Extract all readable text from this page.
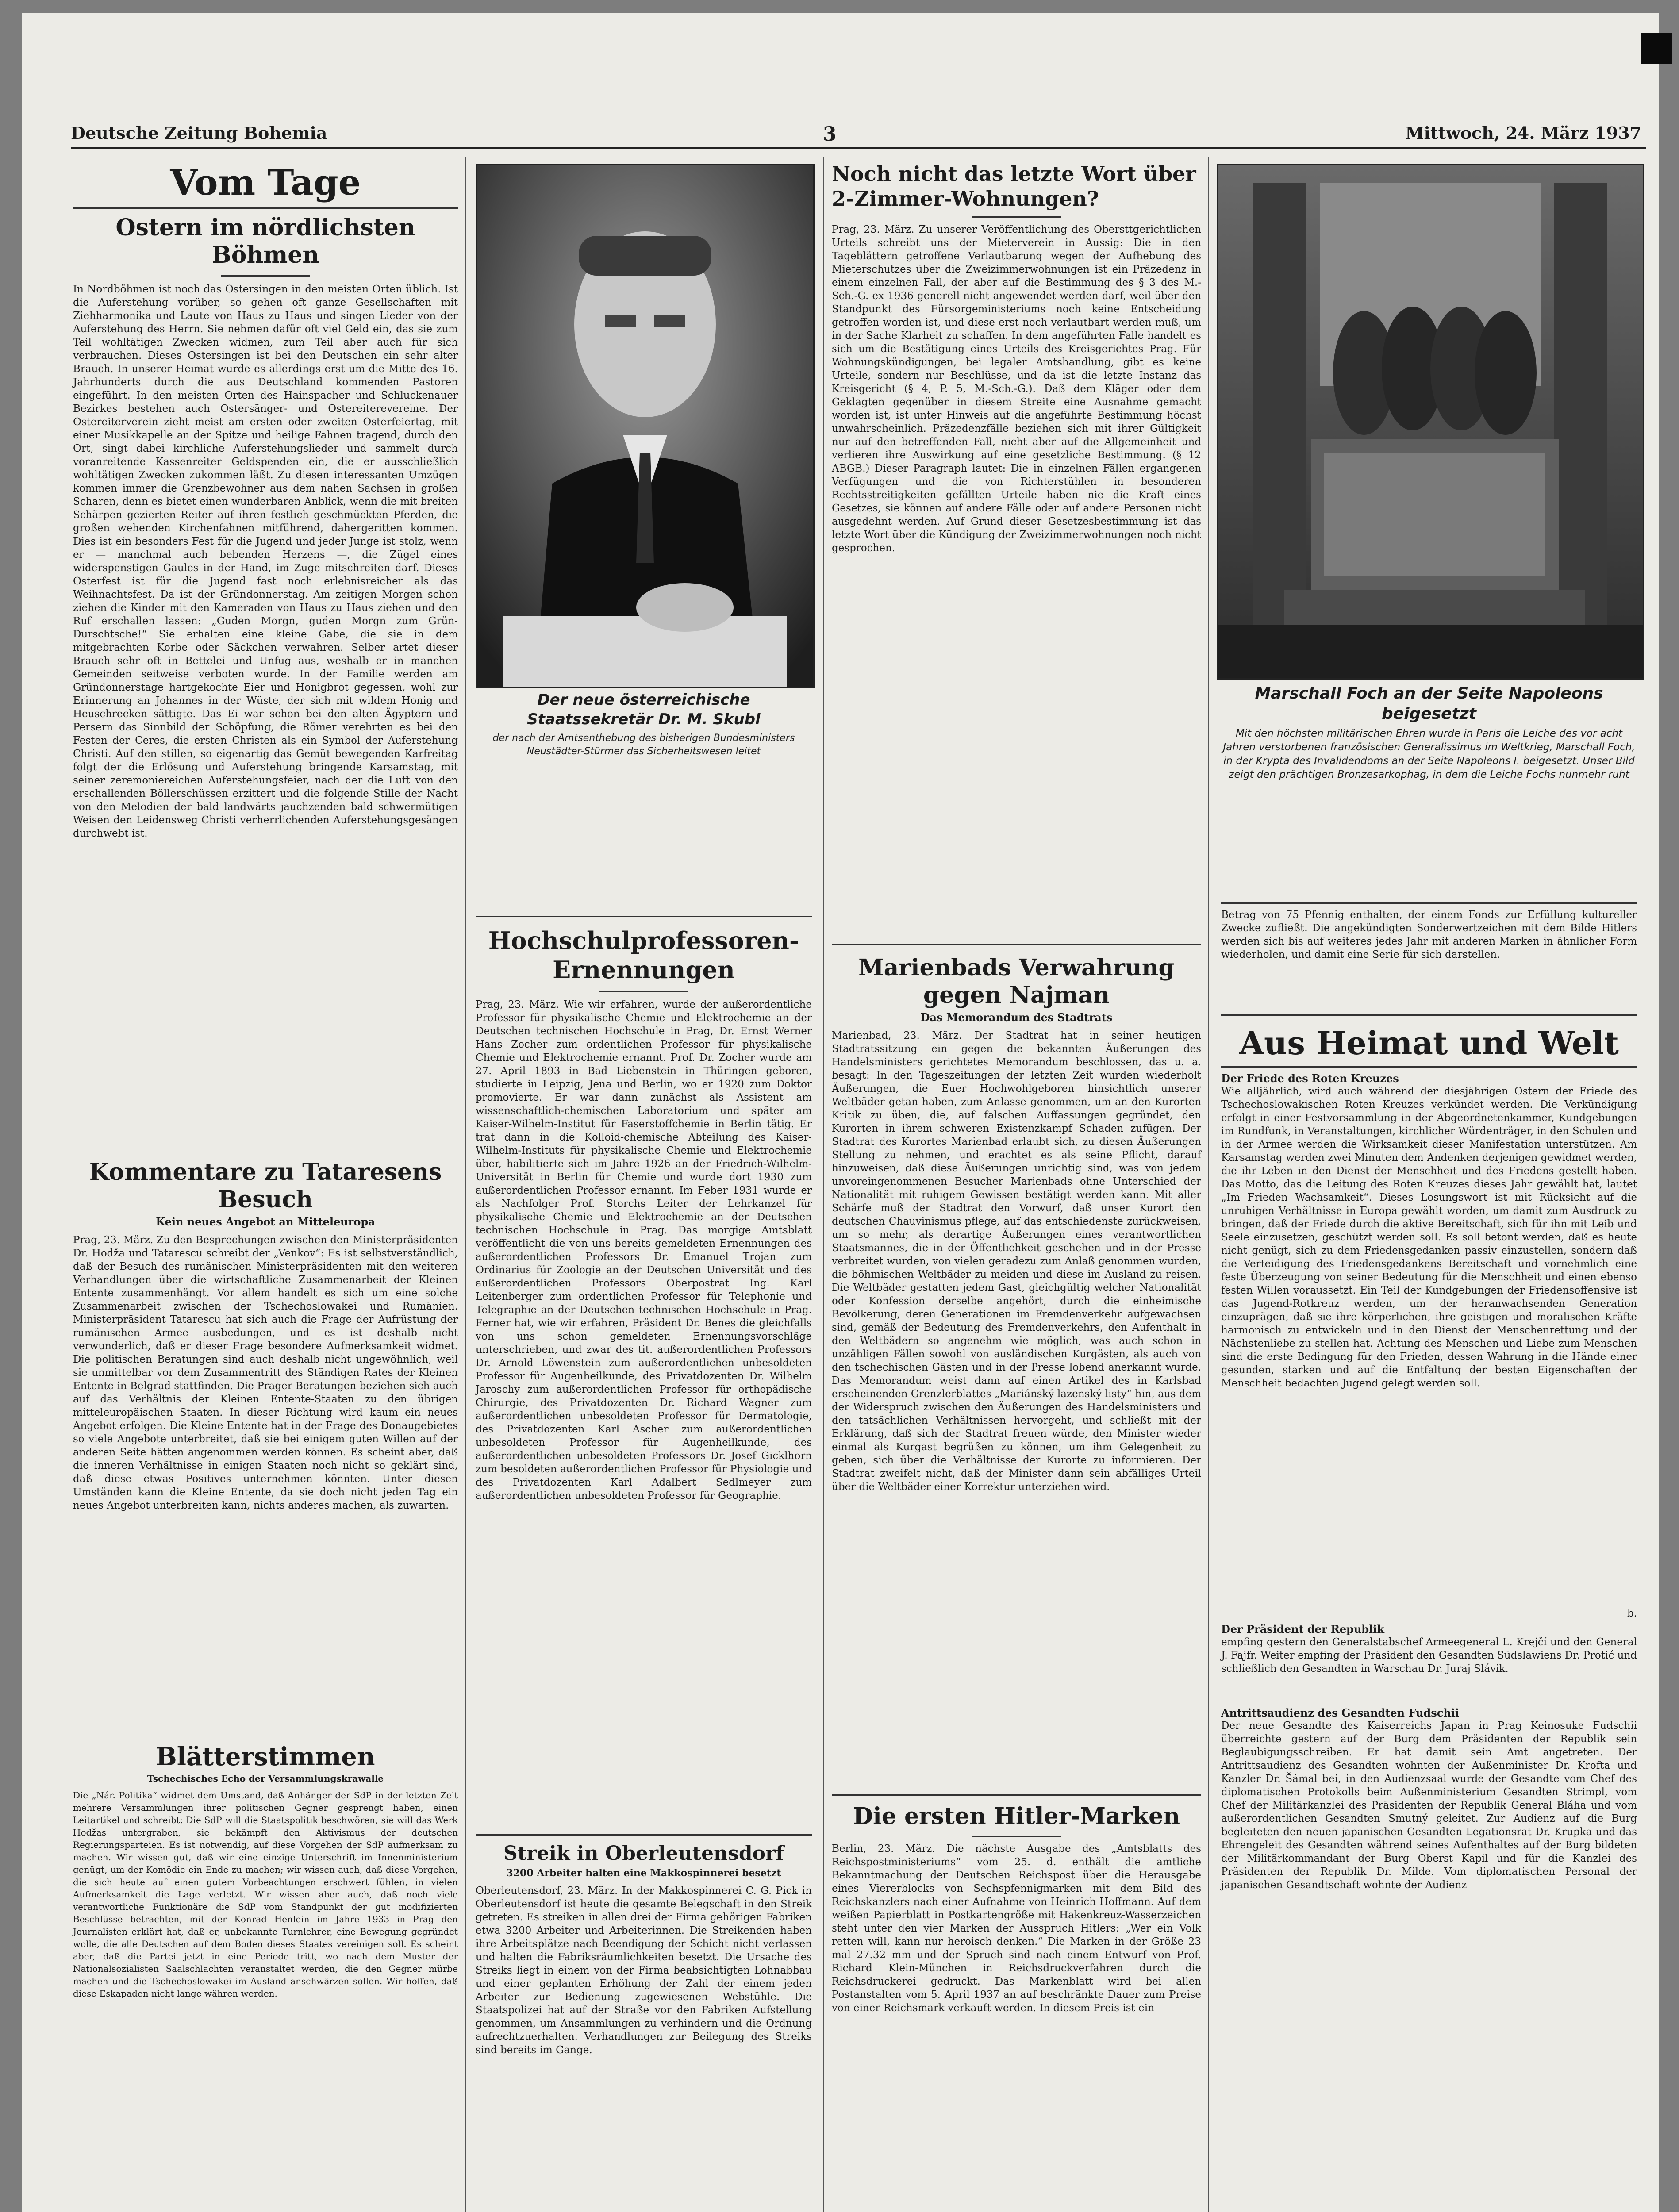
Deutsche Zeitung Bohemia	3	Mittwoch, 24. März 1937
Vom Tage
Ostern im nördlichsten Böhmen

In Nordböhmen ist noch das Ostersingen in den meisten Orten üblich. Ist die Auferstehung vorüber, so gehen oft ganze Gesellschaften mit Ziehharmonika und Laute von Haus zu Haus und singen Lieder von der Auferstehung des Herrn. Sie nehmen dafür oft viel Geld ein, das sie zum Teil wohltätigen Zwecken widmen, zum Teil aber auch für sich verbrauchen. Dieses Ostersingen ist bei den Deutschen ein sehr alter Brauch. In unserer Heimat wurde es allerdings erst um die Mitte des 16. Jahrhunderts durch die aus Deutschland kommenden Pastoren eingeführt. In den meisten Orten des Hainspacher und Schluckenauer Bezirkes bestehen auch Ostersänger- und Ostereiterevereine. Der Ostereiterverein zieht meist am ersten oder zweiten Osterfeiertag, mit einer Musikkapelle an der Spitze und heilige Fahnen tragend, durch den Ort, singt dabei kirchliche Auferstehungslieder und sammelt durch voranreitende Kassenreiter Geldspenden ein, die er ausschließlich wohltätigen Zwecken zukommen läßt. Zu diesen interessanten Umzügen kommen immer die Grenzbewohner aus dem nahen Sachsen in großen Scharen, denn es bietet einen wunderbaren Anblick, wenn die mit breiten Schärpen gezierten Reiter auf ihren festlich geschmückten Pferden, die großen wehenden Kirchenfahnen mitführend, dahergeritten kommen. Dies ist ein besonders Fest für die Jugend und jeder Junge ist stolz, wenn er — manchmal auch bebenden Herzens —, die Zügel eines widerspenstigen Gaules in der Hand, im Zuge mitschreiten darf. Dieses Osterfest ist für die Jugend fast noch erlebnisreicher als das Weihnachtsfest. Da ist der Gründonnerstag. Am zeitigen Morgen schon ziehen die Kinder mit den Kameraden von Haus zu Haus ziehen und den Ruf erschallen lassen: „Guden Morgn, guden Morgn zum Grün-Durschtsche!“ Sie erhalten eine kleine Gabe, die sie in dem mitgebrachten Korbe oder Säckchen verwahren. Selber artet dieser Brauch sehr oft in Bettelei und Unfug aus, weshalb er in manchen Gemeinden seitweise verboten wurde. In der Familie werden am Gründonnerstage hartgekochte Eier und Honigbrot gegessen, wohl zur Erinnerung an Johannes in der Wüste, der sich mit wildem Honig und Heuschrecken sättigte. Das Ei war schon bei den alten Ägyptern und Persern das Sinnbild der Schöpfung, die Römer verehrten es bei den Festen der Ceres, die ersten Christen als ein Symbol der Auferstehung Christi. Auf den stillen, so eigenartig das Gemüt bewegenden Karfreitag folgt der die Erlösung und Auferstehung bringende Karsamstag, mit seiner zeremoniereichen Auferstehungsfeier, nach der die Luft von den erschallenden Böllerschüssen erzittert und die folgende Stille der Nacht von den Melodien der bald landwärts jauchzenden bald schwermütigen Weisen den Leidensweg Christi verherrlichenden Auferstehungsgesängen durchwebt ist.

Kommentare zu Tataresens Besuch
Kein neues Angebot an Mitteleuropa

Prag, 23. März. Zu den Besprechungen zwischen den Ministerpräsidenten Dr. Hodža und Tatarescu schreibt der „Venkov“: Es ist selbstverständlich, daß der Besuch des rumänischen Ministerpräsidenten mit den weiteren Verhandlungen über die wirtschaftliche Zusammenarbeit der Kleinen Entente zusammenhängt. Vor allem handelt es sich um eine solche Zusammenarbeit zwischen der Tschechoslowakei und Rumänien. Ministerpräsident Tatarescu hat sich auch die Frage der Aufrüstung der rumänischen Armee ausbedungen, und es ist deshalb nicht verwunderlich, daß er dieser Frage besondere Aufmerksamkeit widmet. Die politischen Beratungen sind auch deshalb nicht ungewöhnlich, weil sie unmittelbar vor dem Zusammentritt des Ständigen Rates der Kleinen Entente in Belgrad stattfinden. Die Prager Beratungen beziehen sich auch auf das Verhältnis der Kleinen Entente-Staaten zu den übrigen mitteleuropäischen Staaten. In dieser Richtung wird kaum ein neues Angebot erfolgen. Die Kleine Entente hat in der Frage des Donaugebietes so viele Angebote unterbreitet, daß sie bei einigem guten Willen auf der anderen Seite hätten angenommen werden können. Es scheint aber, daß die inneren Verhältnisse in einigen Staaten noch nicht so geklärt sind, daß diese etwas Positives unternehmen könnten. Unter diesen Umständen kann die Kleine Entente, da sie doch nicht jeden Tag ein neues Angebot unterbreiten kann, nichts anderes machen, als zuwarten.

Blätterstimmen
Tschechisches Echo der Versammlungskrawalle

Die „Nár. Politika“ widmet dem Umstand, daß Anhänger der SdP in der letzten Zeit mehrere Versammlungen ihrer politischen Gegner gesprengt haben, einen Leitartikel und schreibt: Die SdP will die Staatspolitik beschwören, sie will das Werk Hodžas untergraben, sie bekämpft den Aktivismus der deutschen Regierungsparteien. Es ist notwendig, auf diese Vorgehen der SdP aufmerksam zu machen. Wir wissen gut, daß wir eine einzige Unterschrift im Innenministerium genügt, um der Komödie ein Ende zu machen; wir wissen auch, daß diese Vorgehen, die sich heute auf einen gutem Vorbeachtungen erschwert fühlen, in vielen Aufmerksamkeit die Lage verletzt. Wir wissen aber auch, daß noch viele verantwortliche Funktionäre die SdP vom Standpunkt der gut modifizierten Beschlüsse betrachten, mit der Konrad Henlein im Jahre 1933 in Prag den Journalisten erklärt hat, daß er, unbekannte Turnlehrer, eine Bewegung gegründet wolle, die alle Deutschen auf dem Boden dieses Staates vereinigen soll. Es scheint aber, daß die Partei jetzt in eine Periode tritt, wo nach dem Muster der Nationalsozialisten Saalschlachten veranstaltet werden, die den Gegner mürbe machen und die Tschechoslowakei im Ausland anschwärzen sollen. Wir hoffen, daß diese Eskapaden nicht lange währen werden.

Der neue österreichische Staatssekretär Dr. M. Skubl

der nach der Amtsenthebung des bisherigen Bundesministers Neustädter-Stürmer das Sicherheitswesen leitet

Hochschulprofessoren-Ernennungen

Prag, 23. März. Wie wir erfahren, wurde der außerordentliche Professor für physikalische Chemie und Elektrochemie an der Deutschen technischen Hochschule in Prag, Dr. Ernst Werner Hans Zocher zum ordentlichen Professor für physikalische Chemie und Elektrochemie ernannt. Prof. Dr. Zocher wurde am 27. April 1893 in Bad Liebenstein in Thüringen geboren, studierte in Leipzig, Jena und Berlin, wo er 1920 zum Doktor promovierte. Er war dann zunächst als Assistent am wissenschaftlich-chemischen Laboratorium und später am Kaiser-Wilhelm-Institut für Faserstoffchemie in Berlin tätig. Er trat dann in die Kolloid-chemische Abteilung des Kaiser-Wilhelm-Instituts für physikalische Chemie und Elektrochemie über, habilitierte sich im Jahre 1926 an der Friedrich-Wilhelm-Universität in Berlin für Chemie und wurde dort 1930 zum außerordentlichen Professor ernannt. Im Feber 1931 wurde er als Nachfolger Prof. Storchs Leiter der Lehrkanzel für physikalische Chemie und Elektrochemie an der Deutschen technischen Hochschule in Prag. Das morgige Amtsblatt veröffentlicht die von uns bereits gemeldeten Ernennungen des außerordentlichen Professors Dr. Emanuel Trojan zum Ordinarius für Zoologie an der Deutschen Universität und des außerordentlichen Professors Oberpostrat Ing. Karl Leitenberger zum ordentlichen Professor für Telephonie und Telegraphie an der Deutschen technischen Hochschule in Prag. Ferner hat, wie wir erfahren, Präsident Dr. Benes die gleichfalls von uns schon gemeldeten Ernennungsvorschläge unterschrieben, und zwar des tit. außerordentlichen Professors Dr. Arnold Löwenstein zum außerordentlichen unbesoldeten Professor für Augenheilkunde, des Privatdozenten Dr. Wilhelm Jaroschy zum außerordentlichen Professor für orthopädische Chirurgie, des Privatdozenten Dr. Richard Wagner zum außerordentlichen unbesoldeten Professor für Dermatologie, des Privatdozenten Karl Ascher zum außerordentlichen unbesoldeten Professor für Augenheilkunde, des außerordentlichen unbesoldeten Professors Dr. Josef Gicklhorn zum besoldeten außerordentlichen Professor für Physiologie und des Privatdozenten Karl Adalbert Sedlmeyer zum außerordentlichen unbesoldeten Professor für Geographie.

Streik in Oberleutensdorf
3200 Arbeiter halten eine Makkospinnerei besetzt

Oberleutensdorf, 23. März. In der Makkospinnerei C. G. Pick in Oberleutensdorf ist heute die gesamte Belegschaft in den Streik getreten. Es streiken in allen drei der Firma gehörigen Fabriken etwa 3200 Arbeiter und Arbeiterinnen. Die Streikenden haben ihre Arbeitsplätze nach Beendigung der Schicht nicht verlassen und halten die Fabriksräumlichkeiten besetzt. Die Ursache des Streiks liegt in einem von der Firma beabsichtigten Lohnabbau und einer geplanten Erhöhung der Zahl der einem jeden Arbeiter zur Bedienung zugewiesenen Webstühle. Die Staatspolizei hat auf der Straße vor den Fabriken Aufstellung genommen, um Ansammlungen zu verhindern und die Ordnung aufrechtzuerhalten. Verhandlungen zur Beilegung des Streiks sind bereits im Gange.

Noch nicht das letzte Wort über 2-Zimmer-Wohnungen?

Prag, 23. März. Zu unserer Veröffentlichung des Obersttgerichtlichen Urteils schreibt uns der Mieterverein in Aussig: Die in den Tageblättern getroffene Verlautbarung wegen der Aufhebung des Mieterschutzes über die Zweizimmerwohnungen ist ein Präzedenz in einem einzelnen Fall, der aber auf die Bestimmung des § 3 des M.-Sch.-G. ex 1936 generell nicht angewendet werden darf, weil über den Standpunkt des Fürsorgeministeriums noch keine Entscheidung getroffen worden ist, und diese erst noch verlautbart werden muß, um in der Sache Klarheit zu schaffen. In dem angeführten Falle handelt es sich um die Bestätigung eines Urteils des Kreisgerichtes Prag. Für Wohnungskündigungen, bei legaler Amtshandlung, gibt es keine Urteile, sondern nur Beschlüsse, und da ist die letzte Instanz das Kreisgericht (§ 4, P. 5, M.-Sch.-G.). Daß dem Kläger oder dem Geklagten gegenüber in diesem Streite eine Ausnahme gemacht worden ist, ist unter Hinweis auf die angeführte Bestimmung höchst unwahrscheinlich. Präzedenzfälle beziehen sich mit ihrer Gültigkeit nur auf den betreffenden Fall, nicht aber auf die Allgemeinheit und verlieren ihre Auswirkung auf eine gesetzliche Bestimmung. (§ 12 ABGB.) Dieser Paragraph lautet: Die in einzelnen Fällen ergangenen Verfügungen und die von Richterstühlen in besonderen Rechtsstreitigkeiten gefällten Urteile haben nie die Kraft eines Gesetzes, sie können auf andere Fälle oder auf andere Personen nicht ausgedehnt werden. Auf Grund dieser Gesetzesbestimmung ist das letzte Wort über die Kündigung der Zweizimmerwohnungen noch nicht gesprochen.

Marienbads Verwahrung gegen Najman
Das Memorandum des Stadtrats

Marienbad, 23. März. Der Stadtrat hat in seiner heutigen Stadtratssitzung ein gegen die bekannten Äußerungen des Handelsministers gerichtetes Memorandum beschlossen, das u. a. besagt: In den Tageszeitungen der letzten Zeit wurden wiederholt Äußerungen, die Euer Hochwohlgeboren hinsichtlich unserer Weltbäder getan haben, zum Anlasse genommen, um an den Kurorten Kritik zu üben, die, auf falschen Auffassungen gegründet, den Kurorten in ihrem schweren Existenzkampf Schaden zufügen. Der Stadtrat des Kurortes Marienbad erlaubt sich, zu diesen Äußerungen Stellung zu nehmen, und erachtet es als seine Pflicht, darauf hinzuweisen, daß diese Äußerungen unrichtig sind, was von jedem unvoreingenommenen Besucher Marienbads ohne Unterschied der Nationalität mit ruhigem Gewissen bestätigt werden kann. Mit aller Schärfe muß der Stadtrat den Vorwurf, daß unser Kurort den deutschen Chauvinismus pflege, auf das entschiedenste zurückweisen, um so mehr, als derartige Äußerungen eines verantwortlichen Staatsmannes, die in der Öffentlichkeit geschehen und in der Presse verbreitet wurden, von vielen geradezu zum Anlaß genommen wurden, die böhmischen Weltbäder zu meiden und diese im Ausland zu reisen. Die Weltbäder gestatten jedem Gast, gleichgültig welcher Nationalität oder Konfession derselbe angehört, durch die einheimische Bevölkerung, deren Generationen im Fremdenverkehr aufgewachsen sind, gemäß der Bedeutung des Fremdenverkehrs, den Aufenthalt in den Weltbädern so angenehm wie möglich, was auch schon in unzähligen Fällen sowohl von ausländischen Kurgästen, als auch von den tschechischen Gästen und in der Presse lobend anerkannt wurde. Das Memorandum weist dann auf einen Artikel des in Karlsbad erscheinenden Grenzlerblattes „Mariánský lazenský listy“ hin, aus dem der Widerspruch zwischen den Äußerungen des Handelsministers und den tatsächlichen Verhältnissen hervorgeht, und schließt mit der Erklärung, daß sich der Stadtrat freuen würde, den Minister wieder einmal als Kurgast begrüßen zu können, um ihm Gelegenheit zu geben, sich über die Verhältnisse der Kurorte zu informieren. Der Stadtrat zweifelt nicht, daß der Minister dann sein abfälliges Urteil über die Weltbäder einer Korrektur unterziehen wird.

Die ersten Hitler-Marken

Berlin, 23. März. Die nächste Ausgabe des „Amtsblatts des Reichspostministeriums“ vom 25. d. enthält die amtliche Bekanntmachung der Deutschen Reichspost über die Herausgabe eines Viererblocks von Sechspfennigmarken mit dem Bild des Reichskanzlers nach einer Aufnahme von Heinrich Hoffmann. Auf dem weißen Papierblatt in Postkartengröße mit Hakenkreuz-Wasserzeichen steht unter den vier Marken der Ausspruch Hitlers: „Wer ein Volk retten will, kann nur heroisch denken.“ Die Marken in der Größe 23 mal 27.32 mm und der Spruch sind nach einem Entwurf von Prof. Richard Klein-München in Reichsdruckverfahren durch die Reichsdruckerei gedruckt. Das Markenblatt wird bei allen Postanstalten vom 5. April 1937 an auf beschränkte Dauer zum Preise von einer Reichsmark verkauft werden. In diesem Preis ist ein

Marschall Foch an der Seite Napoleons beigesetzt

Mit den höchsten militärischen Ehren wurde in Paris die Leiche des vor acht Jahren verstorbenen französischen Generalissimus im Weltkrieg, Marschall Foch, in der Krypta des Invalidendoms an der Seite Napoleons I. beigesetzt. Unser Bild zeigt den prächtigen Bronzesarkophag, in dem die Leiche Fochs nunmehr ruht

Betrag von 75 Pfennig enthalten, der einem Fonds zur Erfüllung kultureller Zwecke zufließt. Die angekündigten Sonderwertzeichen mit dem Bilde Hitlers werden sich bis auf weiteres jedes Jahr mit anderen Marken in ähnlicher Form wiederholen, und damit eine Serie für sich darstellen.

Aus Heimat und Welt
Der Friede des Roten Kreuzes

Wie alljährlich, wird auch während der diesjährigen Ostern der Friede des Tschechoslowakischen Roten Kreuzes verkündet werden. Die Verkündigung erfolgt in einer Festvorsammlung in der Abgeordnetenkammer, Kundgebungen im Rundfunk, in Veranstaltungen, kirchlicher Würdenträger, in den Schulen und in der Armee werden die Wirksamkeit dieser Manifestation unterstützen. Am Karsamstag werden zwei Minuten dem Andenken derjenigen gewidmet werden, die ihr Leben in den Dienst der Menschheit und des Friedens gestellt haben. Das Motto, das die Leitung des Roten Kreuzes dieses Jahr gewählt hat, lautet „Im Frieden Wachsamkeit“. Dieses Losungswort ist mit Rücksicht auf die unruhigen Verhältnisse in Europa gewählt worden, um damit zum Ausdruck zu bringen, daß der Friede durch die aktive Bereitschaft, sich für ihn mit Leib und Seele einzusetzen, geschützt werden soll. Es soll betont werden, daß es heute nicht genügt, sich zu dem Friedensgedanken passiv einzustellen, sondern daß die Verteidigung des Friedensgedankens Bereitschaft und vornehmlich eine feste Überzeugung von seiner Bedeutung für die Menschheit und einen ebenso festen Willen voraussetzt. Ein Teil der Kundgebungen der Friedensoffensive ist das Jugend-Rotkreuz werden, um der heranwachsenden Generation einzuprägen, daß sie ihre körperlichen, ihre geistigen und moralischen Kräfte harmonisch zu entwickeln und in den Dienst der Menschenrettung und der Nächstenliebe zu stellen hat. Achtung des Menschen und Liebe zum Menschen sind die erste Bedingung für den Frieden, dessen Wahrung in die Hände einer gesunden, starken und auf die Entfaltung der besten Eigenschaften der Menschheit bedachten Jugend gelegt werden soll.

b.
Der Präsident der Republik

empfing gestern den Generalstabschef Armeegeneral L. Krejčí und den General J. Fajfr. Weiter empfing der Präsident den Gesandten Südslawiens Dr. Protić und schließlich den Gesandten in Warschau Dr. Juraj Slávik.

Antrittsaudienz des Gesandten Fudschii

Der neue Gesandte des Kaiserreichs Japan in Prag Keinosuke Fudschii überreichte gestern auf der Burg dem Präsidenten der Republik sein Beglaubigungsschreiben. Er hat damit sein Amt angetreten. Der Antrittsaudienz des Gesandten wohnten der Außenminister Dr. Krofta und Kanzler Dr. Šámal bei, in den Audienzsaal wurde der Gesandte vom Chef des diplomatischen Protokolls beim Außenministerium Gesandten Strimpl, vom Chef der Militärkanzlei des Präsidenten der Republik General Bláha und vom außerordentlichen Gesandten Smutný geleitet. Zur Audienz auf die Burg begleiteten den neuen japanischen Gesandten Legationsrat Dr. Krupka und das Ehrengeleit des Gesandten während seines Aufenthaltes auf der Burg bildeten der Militärkommandant der Burg Oberst Kapil und für die Kanzlei des Präsidenten der Republik Dr. Milde. Vom diplomatischen Personal der japanischen Gesandtschaft wohnte der Audienz
